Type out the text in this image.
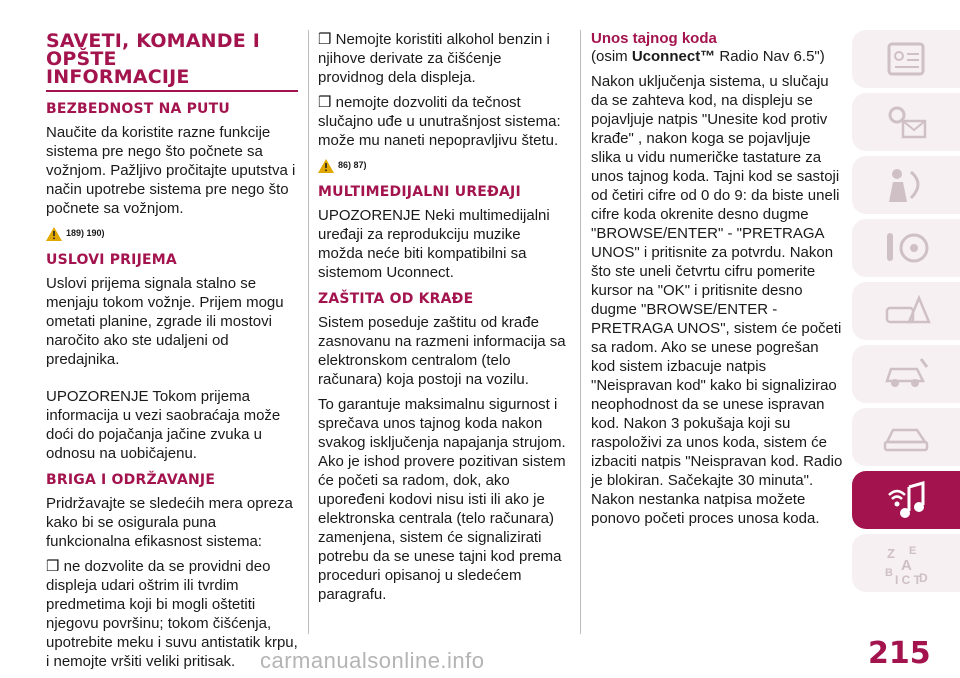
SAVETI, KOMANDE I
OPŠTE
INFORMACIJE
BEZBEDNOST NA PUTU

Naučite da koristite razne funkcije sistema pre nego što počnete sa vožnjom. Pažljivo pročitajte uputstva i način upotrebe sistema pre nego što počnete sa vožnjom.

189) 190)
USLOVI PRIJEMA

Uslovi prijema signala stalno se menjaju tokom vožnje. Prijem mogu ometati planine, zgrade ili mostovi naročito ako ste udaljeni od predajnika.

UPOZORENJE Tokom prijema informacija u vezi saobraćaja može doći do pojačanja jačine zvuka u odnosu na uobičajenu.

BRIGA I ODRŽAVANJE

Pridržavajte se sledećih mera opreza kako bi se osigurala puna funkcionalna efikasnost sistema:

❒ ne dozvolite da se providni deo displeja udari oštrim ili tvrdim predmetima koji bi mogli oštetiti njegovu površinu; tokom čišćenja, upotrebite meku i suvu antistatik krpu, i nemojte vršiti veliki pritisak.

❒ Nemojte koristiti alkohol benzin i njihove derivate za čišćenje providnog dela displeja.

❒ nemojte dozvoliti da tečnost slučajno uđe u unutrašnjost sistema: može mu naneti nepopravljivu štetu.

86) 87)
MULTIMEDIJALNI UREĐAJI

UPOZORENJE Neki multimedijalni uređaji za reprodukciju muzike možda neće biti kompatibilni sa sistemom Uconnect.

ZAŠTITA OD KRAĐE

Sistem poseduje zaštitu od krađe zasnovanu na razmeni informacija sa elektronskom centralom (telo računara) koja postoji na vozilu.

To garantuje maksimalnu sigurnost i sprečava unos tajnog koda nakon svakog isključenja napajanja strujom. Ako je ishod provere pozitivan sistem će početi sa radom, dok, ako upoređeni kodovi nisu isti ili ako je elektronska centrala (telo računara) zamenjena, sistem će signalizirati potrebu da se unese tajni kod prema proceduri opisanoj u sledećem paragrafu.

Unos tajnog koda

(osim Uconnect™ Radio Nav 6.5")

Nakon uključenja sistema, u slučaju da se zahteva kod, na displeju se pojavljuje natpis "Unesite kod protiv krađe" , nakon koga se pojavljuje slika u vidu numeričke tastature za unos tajnog koda. Tajni kod se sastoji od četiri cifre od 0 do 9: da biste uneli cifre koda okrenite desno dugme "BROWSE/ENTER" - "PRETRAGA UNOS" i pritisnite za potvrdu. Nakon što ste uneli četvrtu cifru pomerite kursor na "OK" i pritisnite desno dugme "BROWSE/ENTER - PRETRAGA UNOS", sistem će početi sa radom. Ako se unese pogrešan kod sistem izbacuje natpis "Neispravan kod" kako bi signalizirao neophodnost da se unese ispravan kod. Nakon 3 pokušaja koji su raspoloživi za unos koda, sistem će izbaciti natpis "Neispravan kod. Radio je blokiran. Sačekajte 30 minuta". Nakon nestanka natpisa možete ponovo početi proces unosa koda.

Z E
A
B I C T
D
215
carmanualsonline.info
